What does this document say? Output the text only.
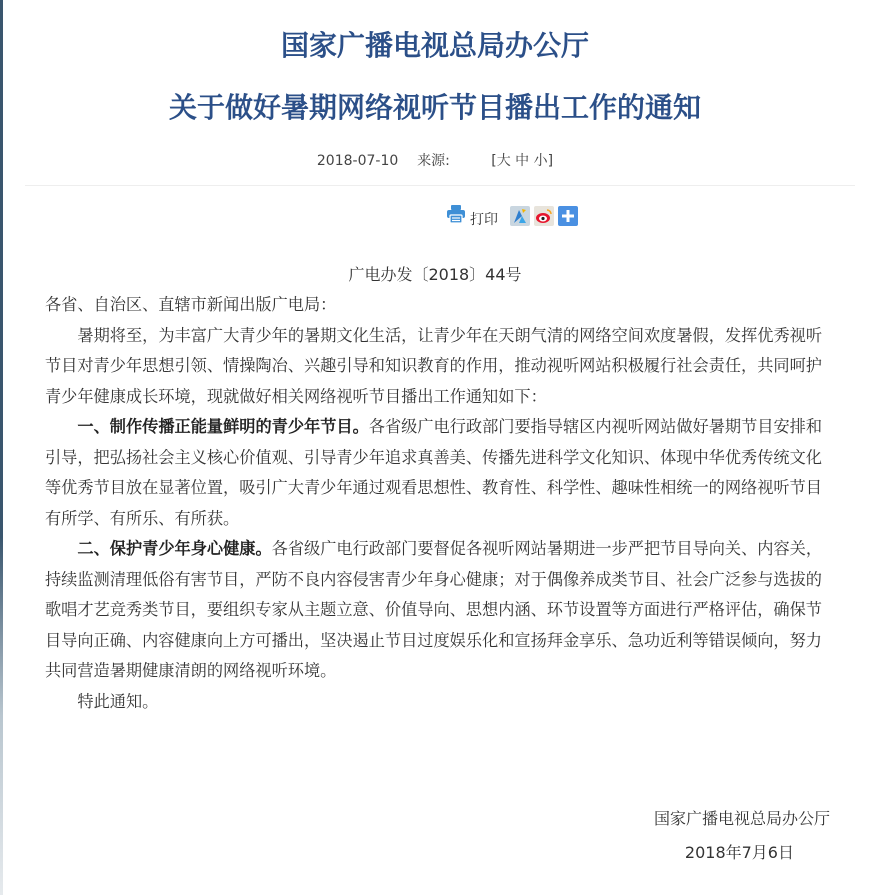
国家广播电视总局办公厅
关于做好暑期网络视听节目播出工作的通知
2018-07-10 来源:	[大 中 小]
打印
广电办发〔2018〕44号

各省、自治区、直辖市新闻出版广电局：

暑期将至，为丰富广大青少年的暑期文化生活，让青少年在天朗气清的网络空间欢度暑假，发挥优秀视听节目对青少年思想引领、情操陶冶、兴趣引导和知识教育的作用，推动视听网站积极履行社会责任，共同呵护青少年健康成长环境，现就做好相关网络视听节目播出工作通知如下：

一、制作传播正能量鲜明的青少年节目。各省级广电行政部门要指导辖区内视听网站做好暑期节目安排和引导，把弘扬社会主义核心价值观、引导青少年追求真善美、传播先进科学文化知识、体现中华优秀传统文化等优秀节目放在显著位置，吸引广大青少年通过观看思想性、教育性、科学性、趣味性相统一的网络视听节目有所学、有所乐、有所获。

二、保护青少年身心健康。各省级广电行政部门要督促各视听网站暑期进一步严把节目导向关、内容关，持续监测清理低俗有害节目，严防不良内容侵害青少年身心健康；对于偶像养成类节目、社会广泛参与选拔的歌唱才艺竞秀类节目，要组织专家从主题立意、价值导向、思想内涵、环节设置等方面进行严格评估，确保节目导向正确、内容健康向上方可播出，坚决遏止节目过度娱乐化和宣扬拜金享乐、急功近利等错误倾向，努力共同营造暑期健康清朗的网络视听环境。

特此通知。

国家广播电视总局办公厅
2018年7月6日
